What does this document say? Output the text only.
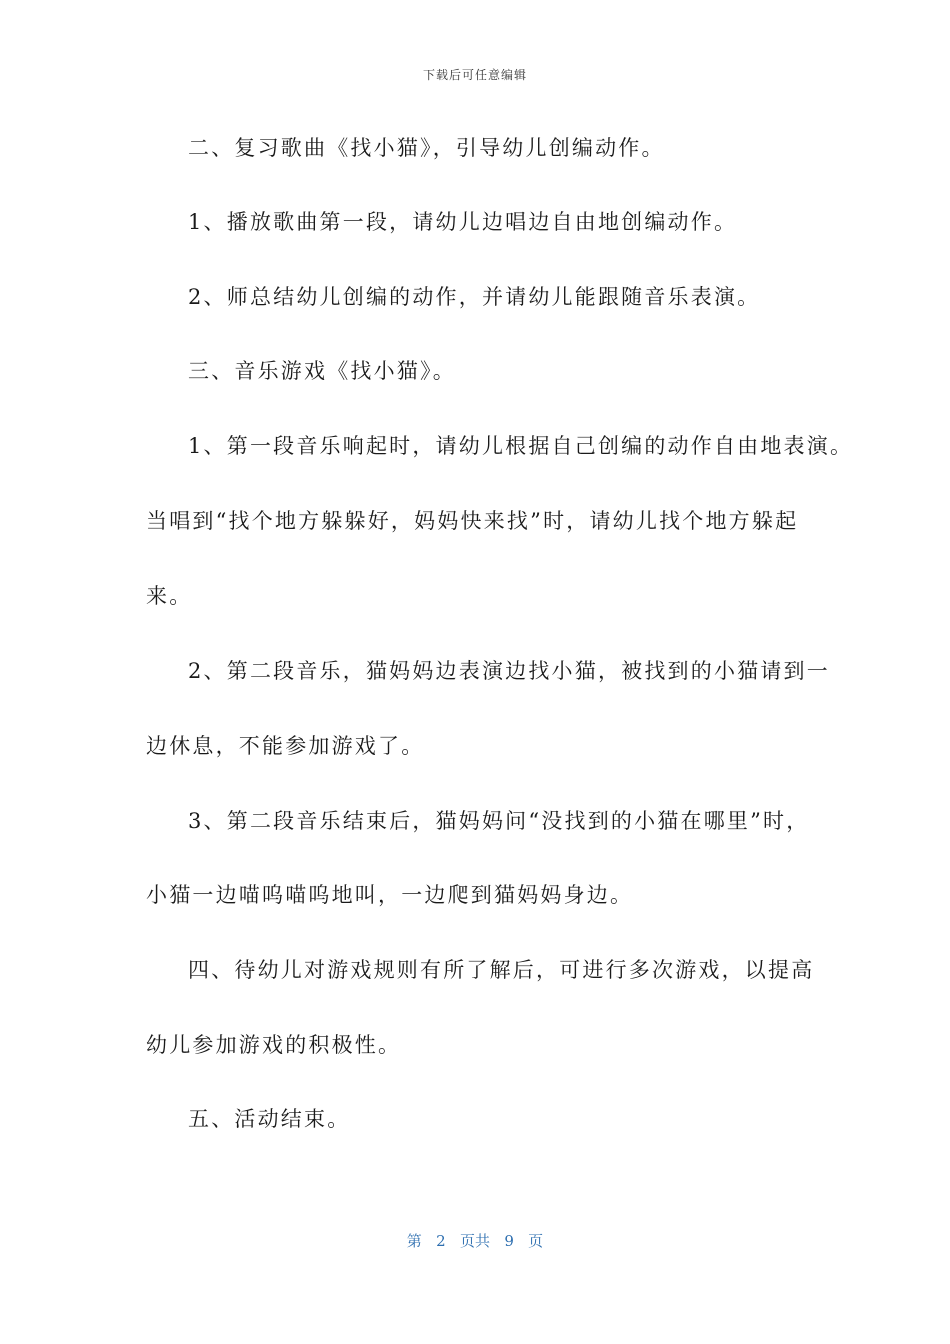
下载后可任意编辑
二、复习歌曲《找小猫》，引导幼儿创编动作。
1、播放歌曲第一段，请幼儿边唱边自由地创编动作。
2、师总结幼儿创编的动作，并请幼儿能跟随音乐表演。
三、音乐游戏《找小猫》。
1、第一段音乐响起时，请幼儿根据自己创编的动作自由地表演。
当唱到“找个地方躲躲好，妈妈快来找”时，请幼儿找个地方躲起
来。
2、第二段音乐，猫妈妈边表演边找小猫，被找到的小猫请到一
边休息，不能参加游戏了。
3、第二段音乐结束后，猫妈妈问“没找到的小猫在哪里”时，
小猫一边喵呜喵呜地叫，一边爬到猫妈妈身边。
四、待幼儿对游戏规则有所了解后，可进行多次游戏，以提高
幼儿参加游戏的积极性。
五、活动结束。
第 2 页共 9 页
